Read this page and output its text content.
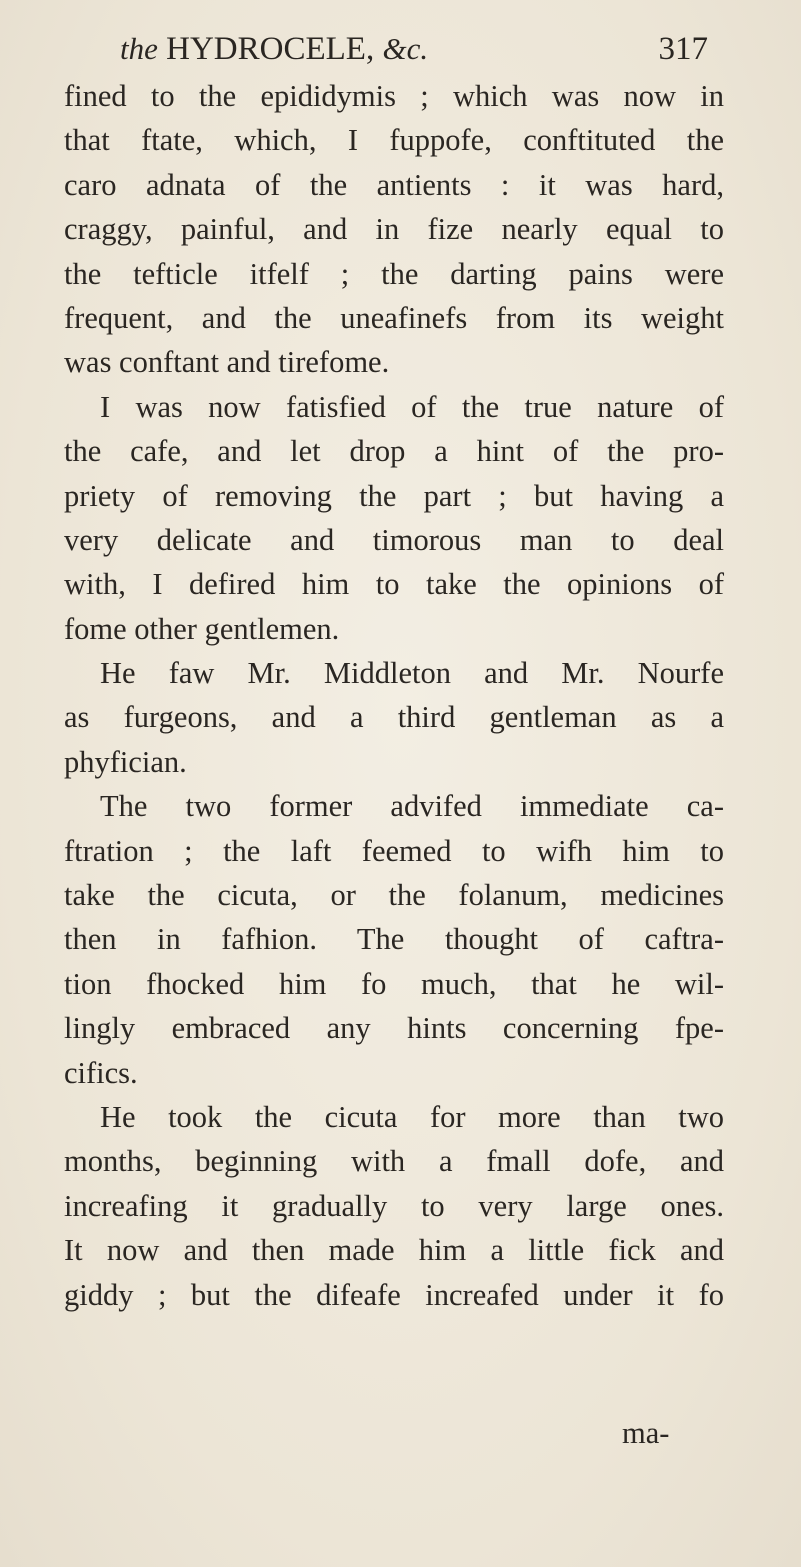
the HYDROCELE, &c.	317
fined to the epididymis ; which was now in
that ftate, which, I fuppofe, conftituted the
caro adnata of the antients : it was hard,
craggy, painful, and in fize nearly equal to
the tefticle itfelf ; the darting pains were
frequent, and the uneafinefs from its weight
was conftant and tirefome.
I was now fatisfied of the true nature of
the cafe, and let drop a hint of the pro-
priety of removing the part ; but having a
very delicate and timorous man to deal
with, I defired him to take the opinions of
fome other gentlemen.
He faw Mr. Middleton and Mr. Nourfe
as furgeons, and a third gentleman as a
phyfician.
The two former advifed immediate ca-
ftration ; the laft feemed to wifh him to
take the cicuta, or the folanum, medicines
then in fafhion. The thought of caftra-
tion fhocked him fo much, that he wil-
lingly embraced any hints concerning fpe-
cifics.
He took the cicuta for more than two
months, beginning with a fmall dofe, and
increafing it gradually to very large ones.
It now and then made him a little fick and
giddy ; but the difeafe increafed under it fo
ma-
